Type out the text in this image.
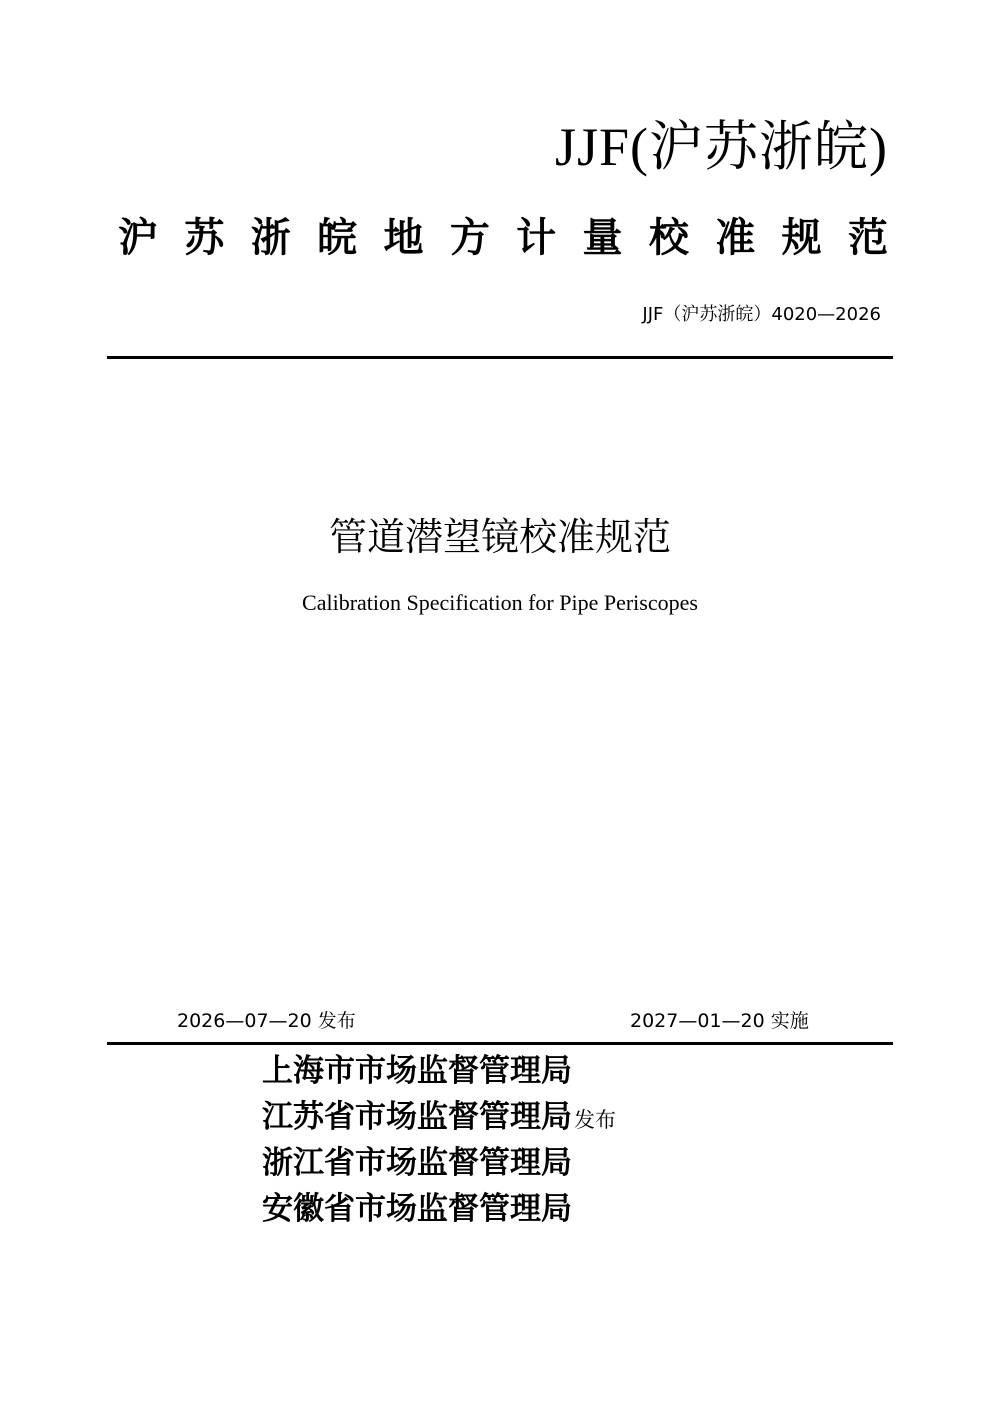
JJF(沪苏浙皖)
沪苏浙皖地方计量校准规范
JJF（沪苏浙皖）4020—2026
管道潜望镜校准规范
Calibration Specification for Pipe Periscopes
2026—07—20 发布	2027—01—20 实施
上海市市场监督管理局
江苏省市场监督管理局发布
浙江省市场监督管理局
安徽省市场监督管理局
